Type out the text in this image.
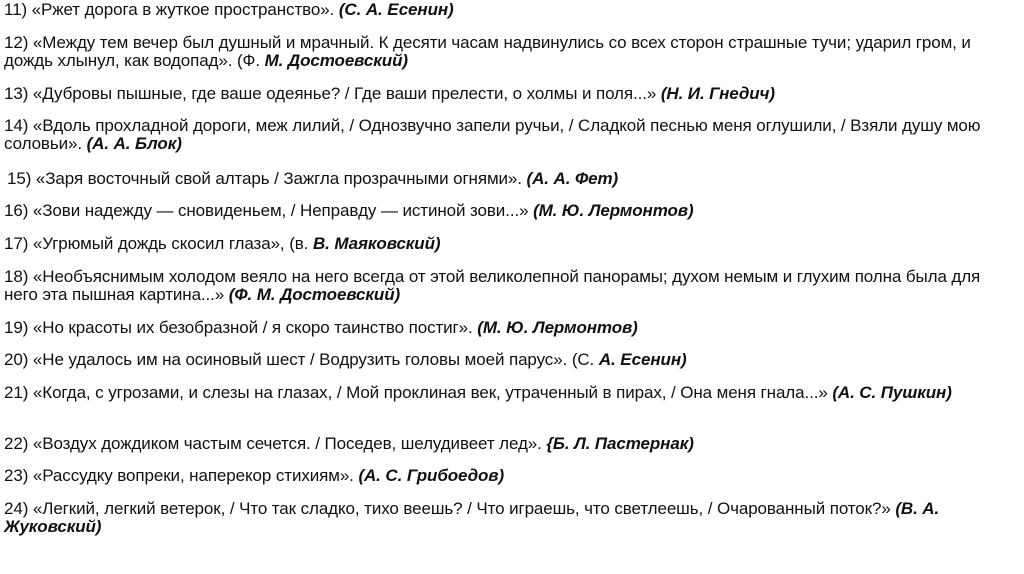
11) «Ржет дорога в жуткое пространство». (С. А. Есенин)
12) «Между тем вечер был душный и мрачный. К десяти часам надвинулись со всех сторон страшные тучи; ударил гром, и дождь хлынул, как водопад». (Ф. М. Достоевский)
13) «Дубровы пышные, где ваше одеянье? / Где ваши прелести, о холмы и поля...» (Н. И. Гнедич)
14) «Вдоль прохладной дороги, меж лилий, / Однозвучно запели ручьи, / Сладкой песнью меня оглушили, / Взяли душу мою соловьи». (А. А. Блок)
15) «Заря восточный свой алтарь / Зажгла прозрачными огнями». (А. А. Фет)
16) «Зови надежду — сновиденьем, / Неправду — истиной зови...» (М. Ю. Лермонтов)
17) «Угрюмый дождь скосил глаза», (в. В. Маяковский)
18) «Необъяснимым холодом веяло на него всегда от этой великолепной панорамы; духом немым и глухим полна была для него эта пышная картина...» (Ф. М. Достоевский)
19) «Но красоты их безобразной / я скоро таинство постиг». (М. Ю. Лермонтов)
20) «Не удалось им на осиновый шест / Водрузить головы моей парус». (С. А. Есенин)
21) «Когда, с угрозами, и слезы на глазах, / Мой проклиная век, утраченный в пирах, / Она меня гнала...» (А. С. Пушкин)
22) «Воздух дождиком частым сечется. / Поседев, шелудивеет лед». {Б. Л. Пастернак)
23) «Рассудку вопреки, наперекор стихиям». (А. С. Грибоедов)
24) «Легкий, легкий ветерок, / Что так сладко, тихо веешь? / Что играешь, что светлеешь, / Очарованный поток?» (В. А. Жуковский)
